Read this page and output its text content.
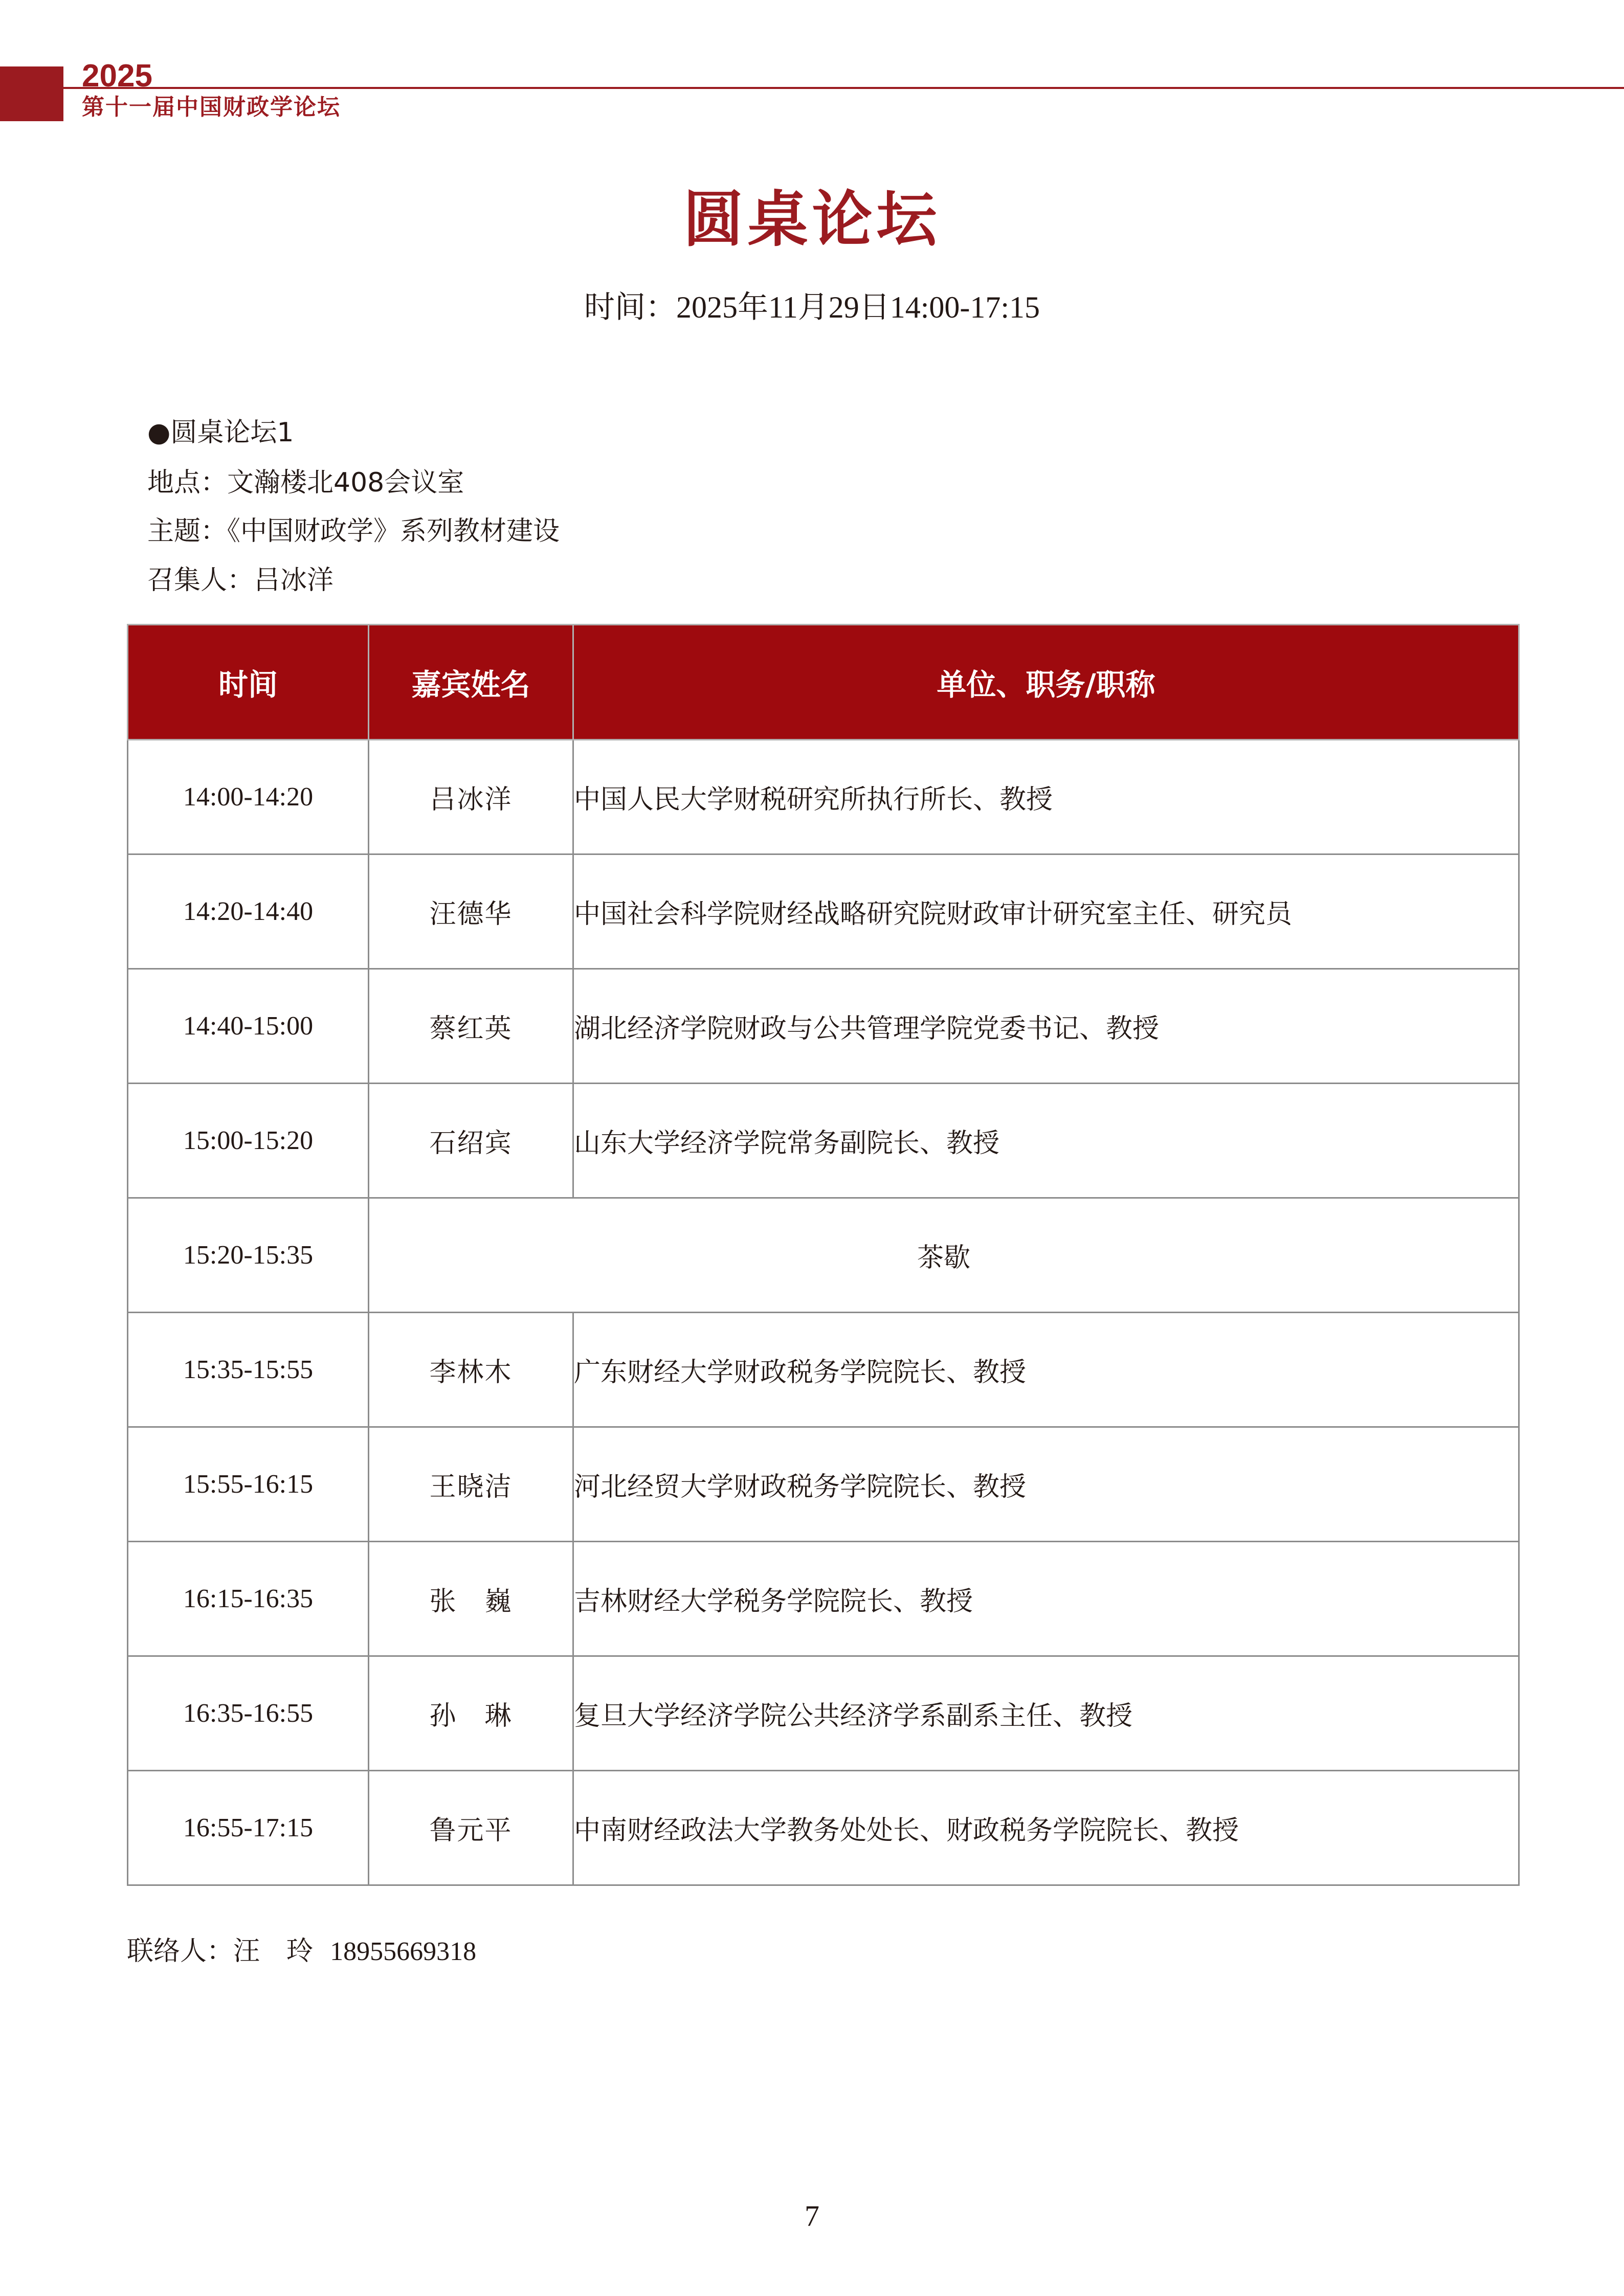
2025
第十一届中国财政学论坛
圆桌论坛
时间：2025年11月29日14:00-17:15
●圆桌论坛1
地点：文瀚楼北408会议室
主题：《中国财政学》系列教材建设
召集人：吕冰洋
时间	嘉宾姓名	单位、职务/职称
14:00-14:20	吕冰洋	中国人民大学财税研究所执行所长、教授
14:20-14:40	汪德华	中国社会科学院财经战略研究院财政审计研究室主任、研究员
14:40-15:00	蔡红英	湖北经济学院财政与公共管理学院党委书记、教授
15:00-15:20	石绍宾	山东大学经济学院常务副院长、教授
15:20-15:35	茶歇	
15:35-15:55	李林木	广东财经大学财政税务学院院长、教授
15:55-16:15	王晓洁	河北经贸大学财政税务学院院长、教授
16:15-16:35	张　巍	吉林财经大学税务学院院长、教授
16:35-16:55	孙　琳	复旦大学经济学院公共经济学系副系主任、教授
16:55-17:15	鲁元平	中南财经政法大学教务处处长、财政税务学院院长、教授
联络人：汪　玲 18955669318
7
